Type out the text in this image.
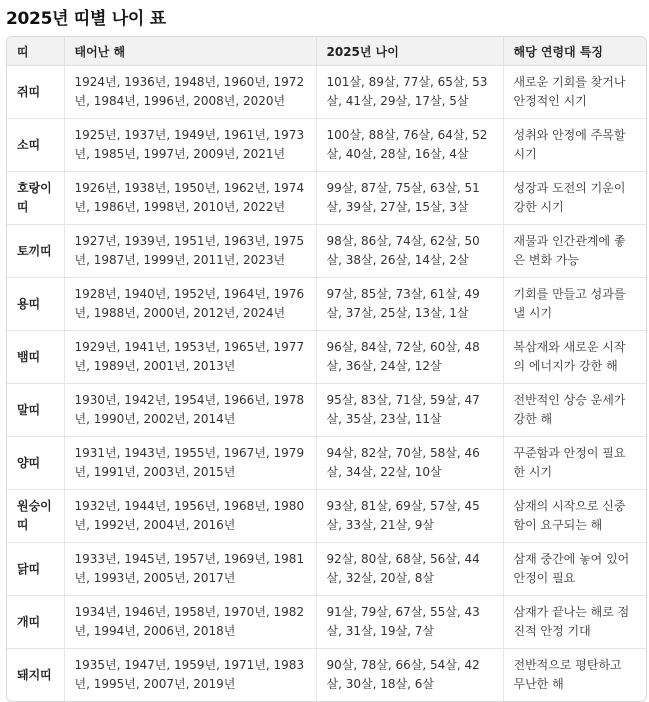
2025년 띠별 나이 표
띠	태어난 해	2025년 나이	해당 연령대 특징
쥐띠	1924년, 1936년, 1948년, 1960년, 1972년, 1984년, 1996년, 2008년, 2020년	101살, 89살, 77살, 65살, 53살, 41살, 29살, 17살, 5살	새로운 기회를 찾거나 안정적인 시기
소띠	1925년, 1937년, 1949년, 1961년, 1973년, 1985년, 1997년, 2009년, 2021년	100살, 88살, 76살, 64살, 52살, 40살, 28살, 16살, 4살	성취와 안정에 주목할 시기
호랑이띠	1926년, 1938년, 1950년, 1962년, 1974년, 1986년, 1998년, 2010년, 2022년	99살, 87살, 75살, 63살, 51살, 39살, 27살, 15살, 3살	성장과 도전의 기운이 강한 시기
토끼띠	1927년, 1939년, 1951년, 1963년, 1975년, 1987년, 1999년, 2011년, 2023년	98살, 86살, 74살, 62살, 50살, 38살, 26살, 14살, 2살	재물과 인간관계에 좋은 변화 가능
용띠	1928년, 1940년, 1952년, 1964년, 1976년, 1988년, 2000년, 2012년, 2024년	97살, 85살, 73살, 61살, 49살, 37살, 25살, 13살, 1살	기회를 만들고 성과를 낼 시기
뱀띠	1929년, 1941년, 1953년, 1965년, 1977년, 1989년, 2001년, 2013년	96살, 84살, 72살, 60살, 48살, 36살, 24살, 12살	복삼재와 새로운 시작의 에너지가 강한 해
말띠	1930년, 1942년, 1954년, 1966년, 1978년, 1990년, 2002년, 2014년	95살, 83살, 71살, 59살, 47살, 35살, 23살, 11살	전반적인 상승 운세가 강한 해
양띠	1931년, 1943년, 1955년, 1967년, 1979년, 1991년, 2003년, 2015년	94살, 82살, 70살, 58살, 46살, 34살, 22살, 10살	꾸준함과 안정이 필요한 시기
원숭이띠	1932년, 1944년, 1956년, 1968년, 1980년, 1992년, 2004년, 2016년	93살, 81살, 69살, 57살, 45살, 33살, 21살, 9살	삼재의 시작으로 신중함이 요구되는 해
닭띠	1933년, 1945년, 1957년, 1969년, 1981년, 1993년, 2005년, 2017년	92살, 80살, 68살, 56살, 44살, 32살, 20살, 8살	삼재 중간에 놓여 있어 안정이 필요
개띠	1934년, 1946년, 1958년, 1970년, 1982년, 1994년, 2006년, 2018년	91살, 79살, 67살, 55살, 43살, 31살, 19살, 7살	삼재가 끝나는 해로 점진적 안정 기대
돼지띠	1935년, 1947년, 1959년, 1971년, 1983년, 1995년, 2007년, 2019년	90살, 78살, 66살, 54살, 42살, 30살, 18살, 6살	전반적으로 평탄하고 무난한 해
